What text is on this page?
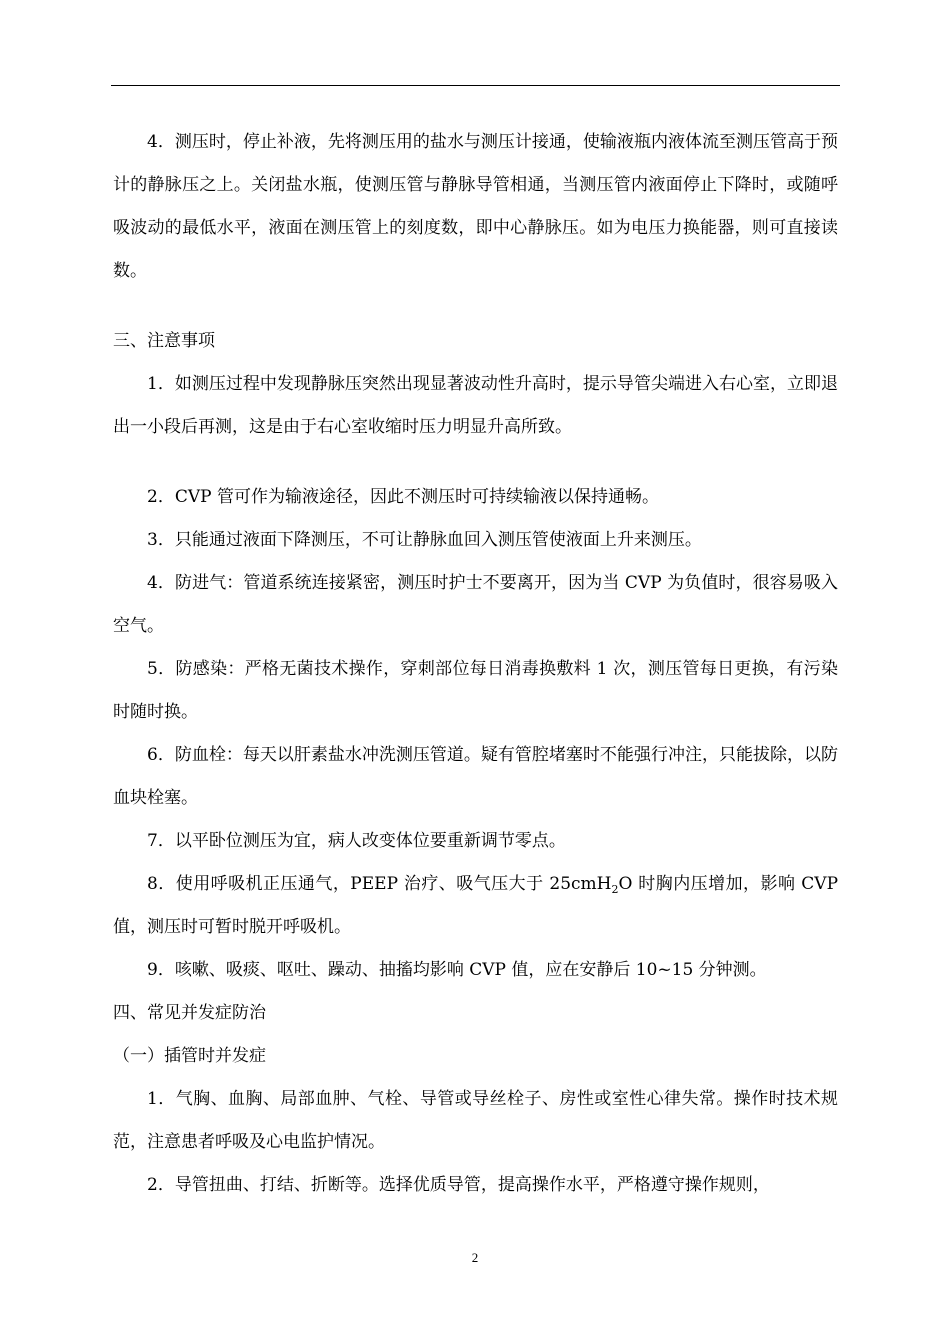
4．测压时，停止补液，先将测压用的盐水与测压计接通，使输液瓶内液体流至测压管高于预计的静脉压之上。关闭盐水瓶，使测压管与静脉导管相通，当测压管内液面停止下降时，或随呼吸波动的最低水平，液面在测压管上的刻度数，即中心静脉压。如为电压力换能器，则可直接读数。

三、注意事项

1．如测压过程中发现静脉压突然出现显著波动性升高时，提示导管尖端进入右心室，立即退出一小段后再测，这是由于右心室收缩时压力明显升高所致。

2．CVP 管可作为输液途径，因此不测压时可持续输液以保持通畅。

3．只能通过液面下降测压，不可让静脉血回入测压管使液面上升来测压。

4．防进气：管道系统连接紧密，测压时护士不要离开，因为当 CVP 为负值时，很容易吸入空气。

5．防感染：严格无菌技术操作，穿刺部位每日消毒换敷料 1 次，测压管每日更换，有污染时随时换。

6．防血栓：每天以肝素盐水冲洗测压管道。疑有管腔堵塞时不能强行冲注，只能拔除，以防血块栓塞。

7．以平卧位测压为宜，病人改变体位要重新调节零点。

8．使用呼吸机正压通气，PEEP 治疗、吸气压大于 25cmH$_2$O 时胸内压增加，影响 CVP 值，测压时可暂时脱开呼吸机。

9．咳嗽、吸痰、呕吐、躁动、抽搐均影响 CVP 值，应在安静后 10~15 分钟测。

四、常见并发症防治

（一）插管时并发症

1．气胸、血胸、局部血肿、气栓、导管或导丝栓子、房性或室性心律失常。操作时技术规范，注意患者呼吸及心电监护情况。

2．导管扭曲、打结、折断等。选择优质导管，提高操作水平，严格遵守操作规则，

2
